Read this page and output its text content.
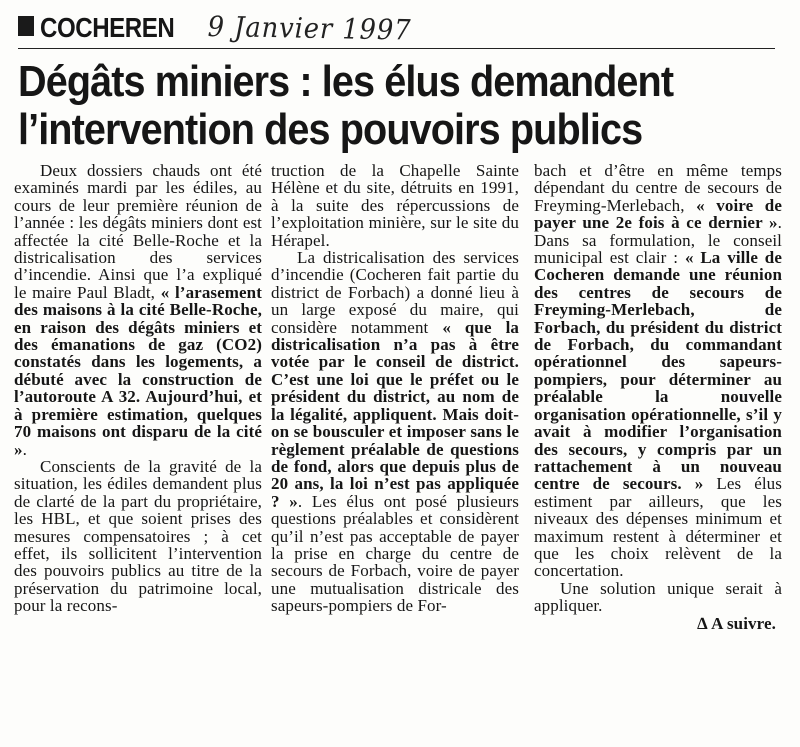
COCHEREN 9 Janvier 1997
Dégâts miniers : les élus demandent
l’intervention des pouvoirs publics

Deux dossiers chauds ont été examinés mardi par les édiles, au cours de leur première réunion de l’année : les dégâts miniers dont est affectée la cité Belle-Roche et la districalisation des services d’incendie. Ainsi que l’a expliqué le maire Paul Bladt, « l’arasement des maisons à la cité Belle-Roche, en raison des dégâts miniers et des émanations de gaz (CO2) constatés dans les logements, a débuté avec la construction de l’autoroute A 32. Aujourd’hui, et à première estimation, quelques 70 maisons ont disparu de la cité ».

Conscients de la gravité de la situation, les édiles demandent plus de clarté de la part du propriétaire, les HBL, et que soient prises des mesures compensatoires ; à cet effet, ils sollicitent l’intervention des pouvoirs publics au titre de la préservation du patrimoine local, pour la recons-

truction de la Chapelle Sainte Hélène et du site, détruits en 1991, à la suite des répercussions de l’exploitation minière, sur le site du Hérapel.

La districalisation des services d’incendie (Cocheren fait partie du district de Forbach) a donné lieu à un large exposé du maire, qui considère notamment « que la districalisation n’a pas à être votée par le conseil de district. C’est une loi que le préfet ou le président du district, au nom de la légalité, appliquent. Mais doit-on se bousculer et imposer sans le règlement préalable de questions de fond, alors que depuis plus de 20 ans, la loi n’est pas appliquée ? ». Les élus ont posé plusieurs questions préalables et considèrent qu’il n’est pas acceptable de payer la prise en charge du centre de secours de Forbach, voire de payer une mutualisation districale des sapeurs-pompiers de For-

bach et d’être en même temps dépendant du centre de secours de Freyming-Merlebach, « voire de payer une 2e fois à ce dernier ». Dans sa formulation, le conseil municipal est clair : « La ville de Cocheren demande une réunion des centres de secours de Freyming-Merlebach, de Forbach, du président du district de Forbach, du commandant opérationnel des sapeurs-pompiers, pour déterminer au préalable la nouvelle organisation opérationnelle, s’il y avait à modifier l’organisation des secours, y compris par un rattachement à un nouveau centre de secours. » Les élus estiment par ailleurs, que les niveaux des dépenses minimum et maximum restent à déterminer et que les choix relèvent de la concertation.

Une solution unique serait à appliquer.

∆ A suivre.
